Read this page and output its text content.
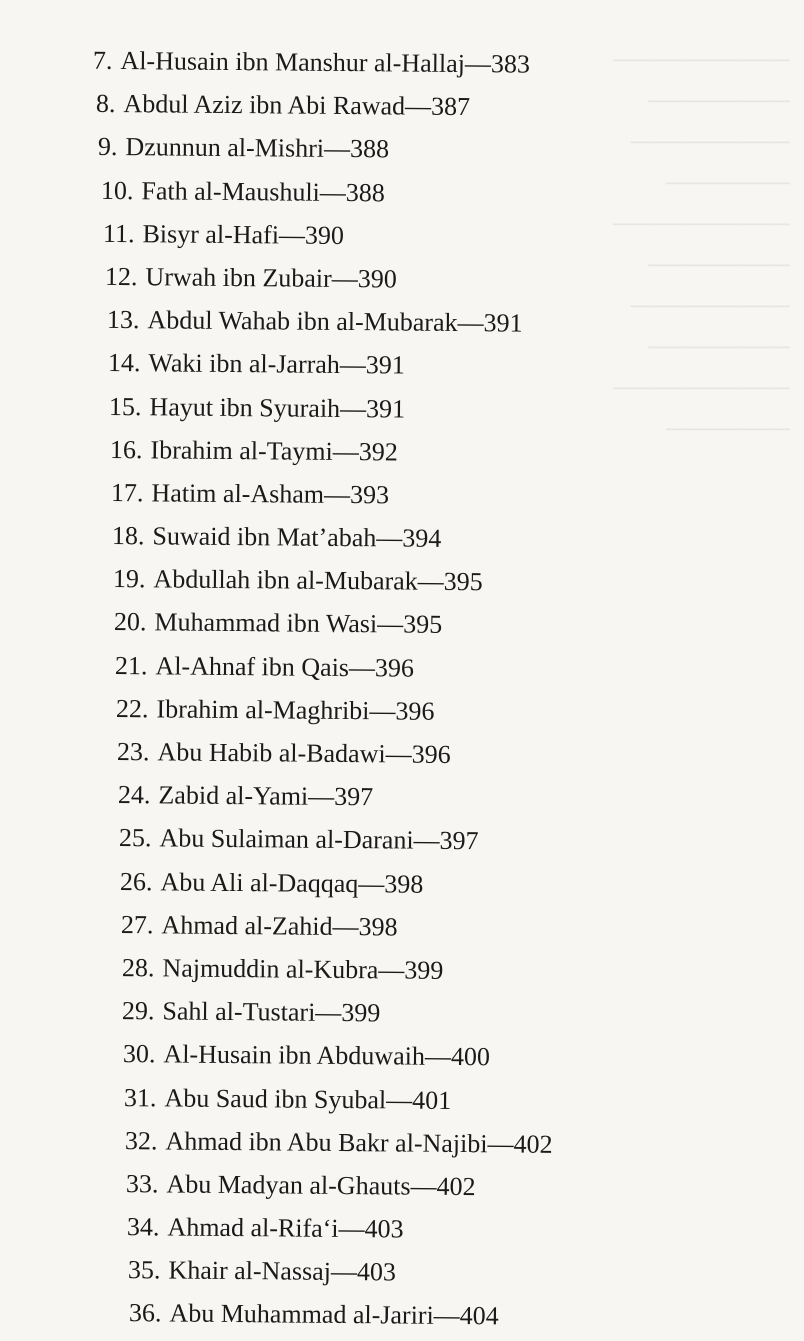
──────────
────────
─────────
───────
──────────
────────
─────────
────────
──────────
───────
7. Al-Husain ibn Manshur al-Hallaj—383
8. Abdul Aziz ibn Abi Rawad—387
9. Dzunnun al-Mishri—388
10. Fath al-Maushuli—388
11. Bisyr al-Hafi—390
12. Urwah ibn Zubair—390
13. Abdul Wahab ibn al-Mubarak—391
14. Waki ibn al-Jarrah—391
15. Hayut ibn Syuraih—391
16. Ibrahim al-Taymi—392
17. Hatim al-Asham—393
18. Suwaid ibn Mat’abah—394
19. Abdullah ibn al-Mubarak—395
20. Muhammad ibn Wasi—395
21. Al-Ahnaf ibn Qais—396
22. Ibrahim al-Maghribi—396
23. Abu Habib al-Badawi—396
24. Zabid al-Yami—397
25. Abu Sulaiman al-Darani—397
26. Abu Ali al-Daqqaq—398
27. Ahmad al-Zahid—398
28. Najmuddin al-Kubra—399
29. Sahl al-Tustari—399
30. Al-Husain ibn Abduwaih—400
31. Abu Saud ibn Syubal—401
32. Ahmad ibn Abu Bakr al-Najibi—402
33. Abu Madyan al-Ghauts—402
34. Ahmad al-Rifa‘i—403
35. Khair al-Nassaj—403
36. Abu Muhammad al-Jariri—404
